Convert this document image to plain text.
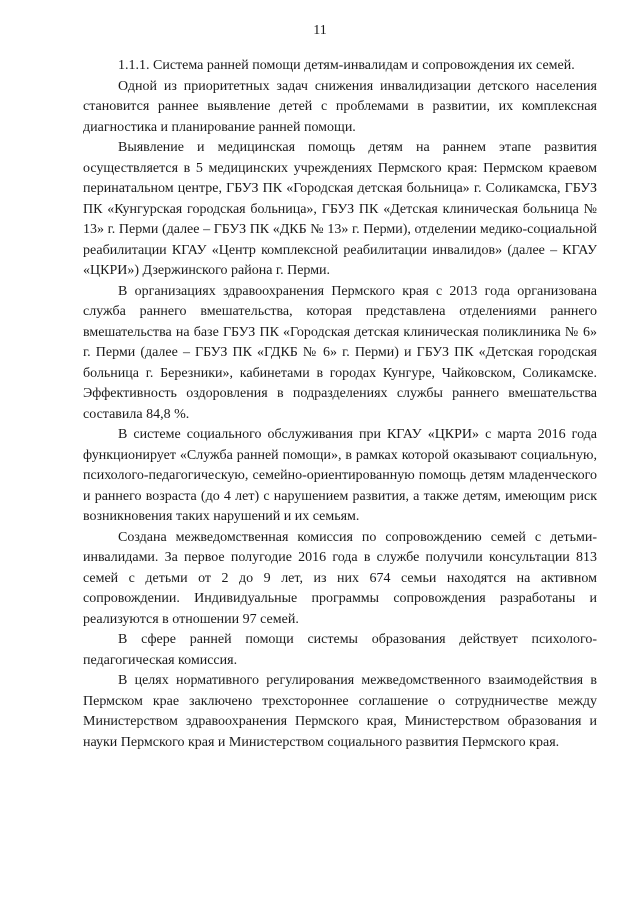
11

1.1.1. Система ранней помощи детям-инвалидам и сопровождения их семей.

Одной из приоритетных задач снижения инвалидизации детского населения становится раннее выявление детей с проблемами в развитии, их комплексная диагностика и планирование ранней помощи.

Выявление и медицинская помощь детям на раннем этапе развития осуществляется в 5 медицинских учреждениях Пермского края: Пермском краевом перинатальном центре, ГБУЗ ПК «Городская детская больница» г. Соликамска, ГБУЗ ПК «Кунгурская городская больница», ГБУЗ ПК «Детская клиническая больница № 13» г. Перми (далее – ГБУЗ ПК «ДКБ № 13» г. Перми), отделении медико-социальной реабилитации КГАУ «Центр комплексной реабилитации инвалидов» (далее – КГАУ «ЦКРИ») Дзержинского района г. Перми.

В организациях здравоохранения Пермского края с 2013 года организована служба раннего вмешательства, которая представлена отделениями раннего вмешательства на базе ГБУЗ ПК «Городская детская клиническая поликлиника № 6» г. Перми (далее – ГБУЗ ПК «ГДКБ № 6» г. Перми) и ГБУЗ ПК «Детская городская больница г. Березники», кабинетами в городах Кунгуре, Чайковском, Соликамске. Эффективность оздоровления в подразделениях службы раннего вмешательства составила 84,8 %.

В системе социального обслуживания при КГАУ «ЦКРИ» с марта 2016 года функционирует «Служба ранней помощи», в рамках которой оказывают социальную, психолого-педагогическую, семейно-ориентированную помощь детям младенческого и раннего возраста (до 4 лет) с нарушением развития, а также детям, имеющим риск возникновения таких нарушений и их семьям.

Создана межведомственная комиссия по сопровождению семей с детьми-инвалидами. За первое полугодие 2016 года в службе получили консультации 813 семей с детьми от 2 до 9 лет, из них 674 семьи находятся на активном сопровождении. Индивидуальные программы сопровождения разработаны и реализуются в отношении 97 семей.

В сфере ранней помощи системы образования действует психолого-педагогическая комиссия.

В целях нормативного регулирования межведомственного взаимодействия в Пермском крае заключено трехстороннее соглашение о сотрудничестве между Министерством здравоохранения Пермского края, Министерством образования и науки Пермского края и Министерством социального развития Пермского края.
